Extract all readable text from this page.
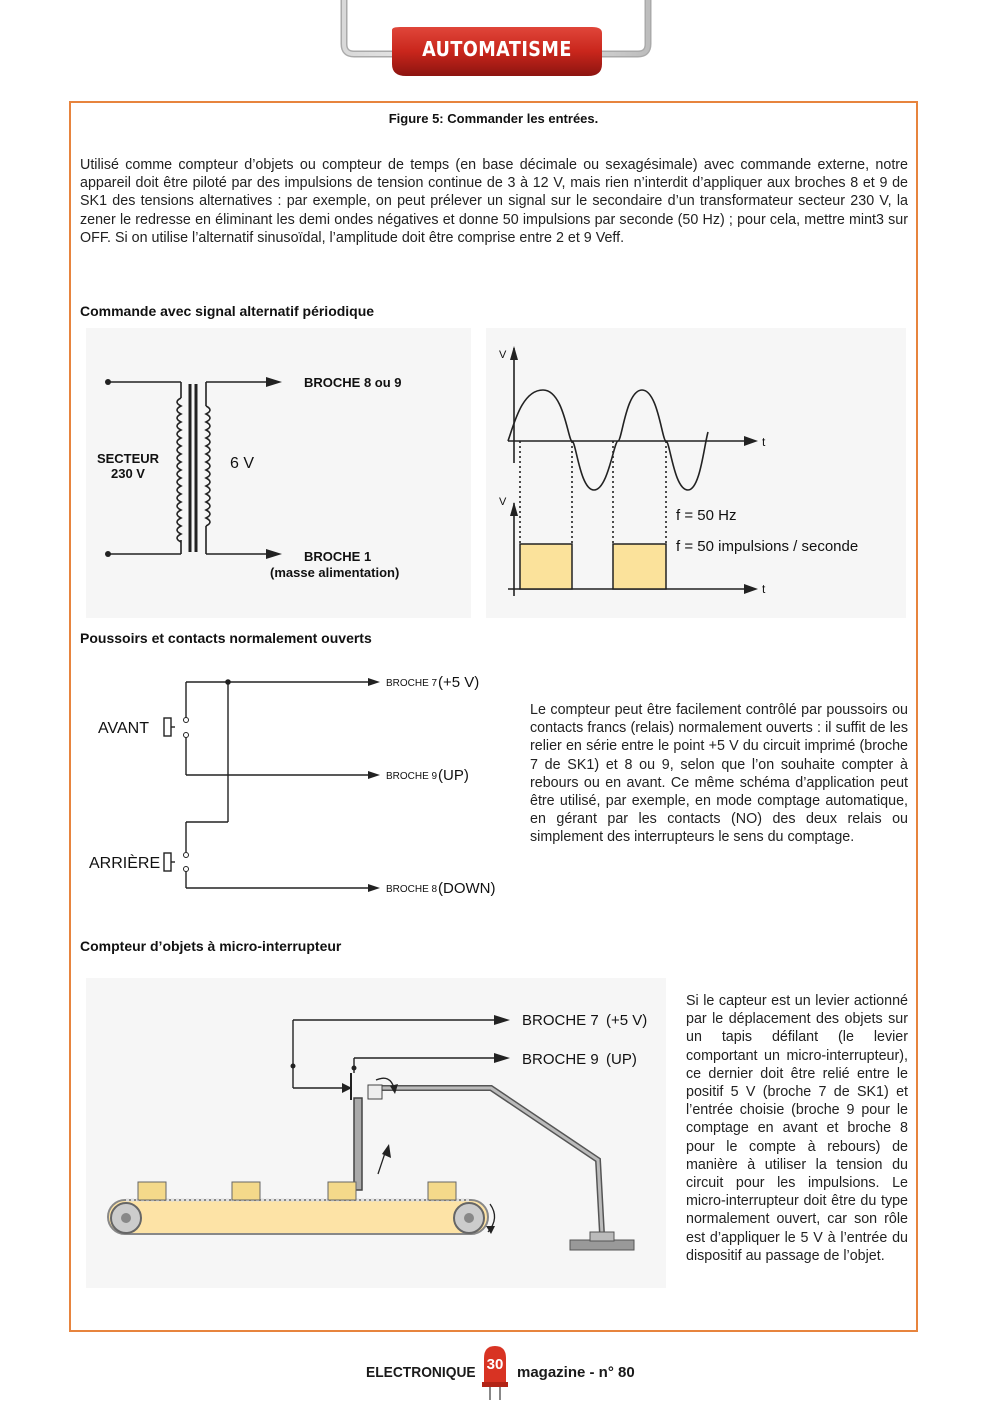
AUTOMATISME
Figure 5: Commander les entrées.
Utilisé comme compteur d’objets ou compteur de temps (en base décimale ou sexagésimale) avec commande externe, notre appareil doit être piloté par des impulsions de tension continue de 3 à 12 V, mais rien n’interdit d’appliquer aux broches 8 et 9 de SK1 des tensions alternatives : par exemple, on peut prélever un signal sur le secondaire d’un transformateur secteur 230 V, la zener le redresse en éliminant les demi ondes négatives et donne 50 impulsions par seconde (50 Hz) ; pour cela, mettre mint3 sur OFF. Si on utilise l’alternatif sinusoïdal, l’amplitude doit être comprise entre 2 et 9 Veff.
Commande avec signal alternatif périodique
SECTEUR
230 V
6 V
BROCHE 8 ou 9
BROCHE 1
(masse alimentation)
V
V
t
t
f = 50 Hz
f = 50 impulsions / seconde
Poussoirs et contacts normalement ouverts
AVANT
ARRIÈRE
BROCHE 7 (+5 V)
BROCHE 9 (UP)
BROCHE 8 (DOWN)
Le compteur peut être facilement contrôlé par poussoirs ou contacts francs (relais) normalement ouverts : il suffit de les relier en série entre le point +5 V du circuit imprimé (broche 7 de SK1) et 8 ou 9, selon que l’on souhaite compter à rebours ou en avant. Ce même schéma d’application peut être utilisé, par exemple, en mode comptage automatique, en gérant par les contacts (NO) des deux relais ou simplement des interrupteurs le sens du comptage.
Compteur d’objets à micro-interrupteur
BROCHE 7 (+5 V)
BROCHE 9 (UP)
Si le capteur est un levier actionné par le déplacement des objets sur un tapis défilant (le levier comportant un micro-interrupteur), ce dernier doit être relié entre le positif 5 V (broche 7 de SK1) et l’entrée choisie (broche 9 pour le comptage en avant et broche 8 pour le compte à rebours) de manière à utiliser la tension du circuit pour les impulsions. Le micro-interrupteur doit être du type normalement ouvert, car son rôle est d’appliquer le 5 V à l’entrée du dispositif au passage de l’objet.
ELECTRONIQUE 30 magazine - n° 80
